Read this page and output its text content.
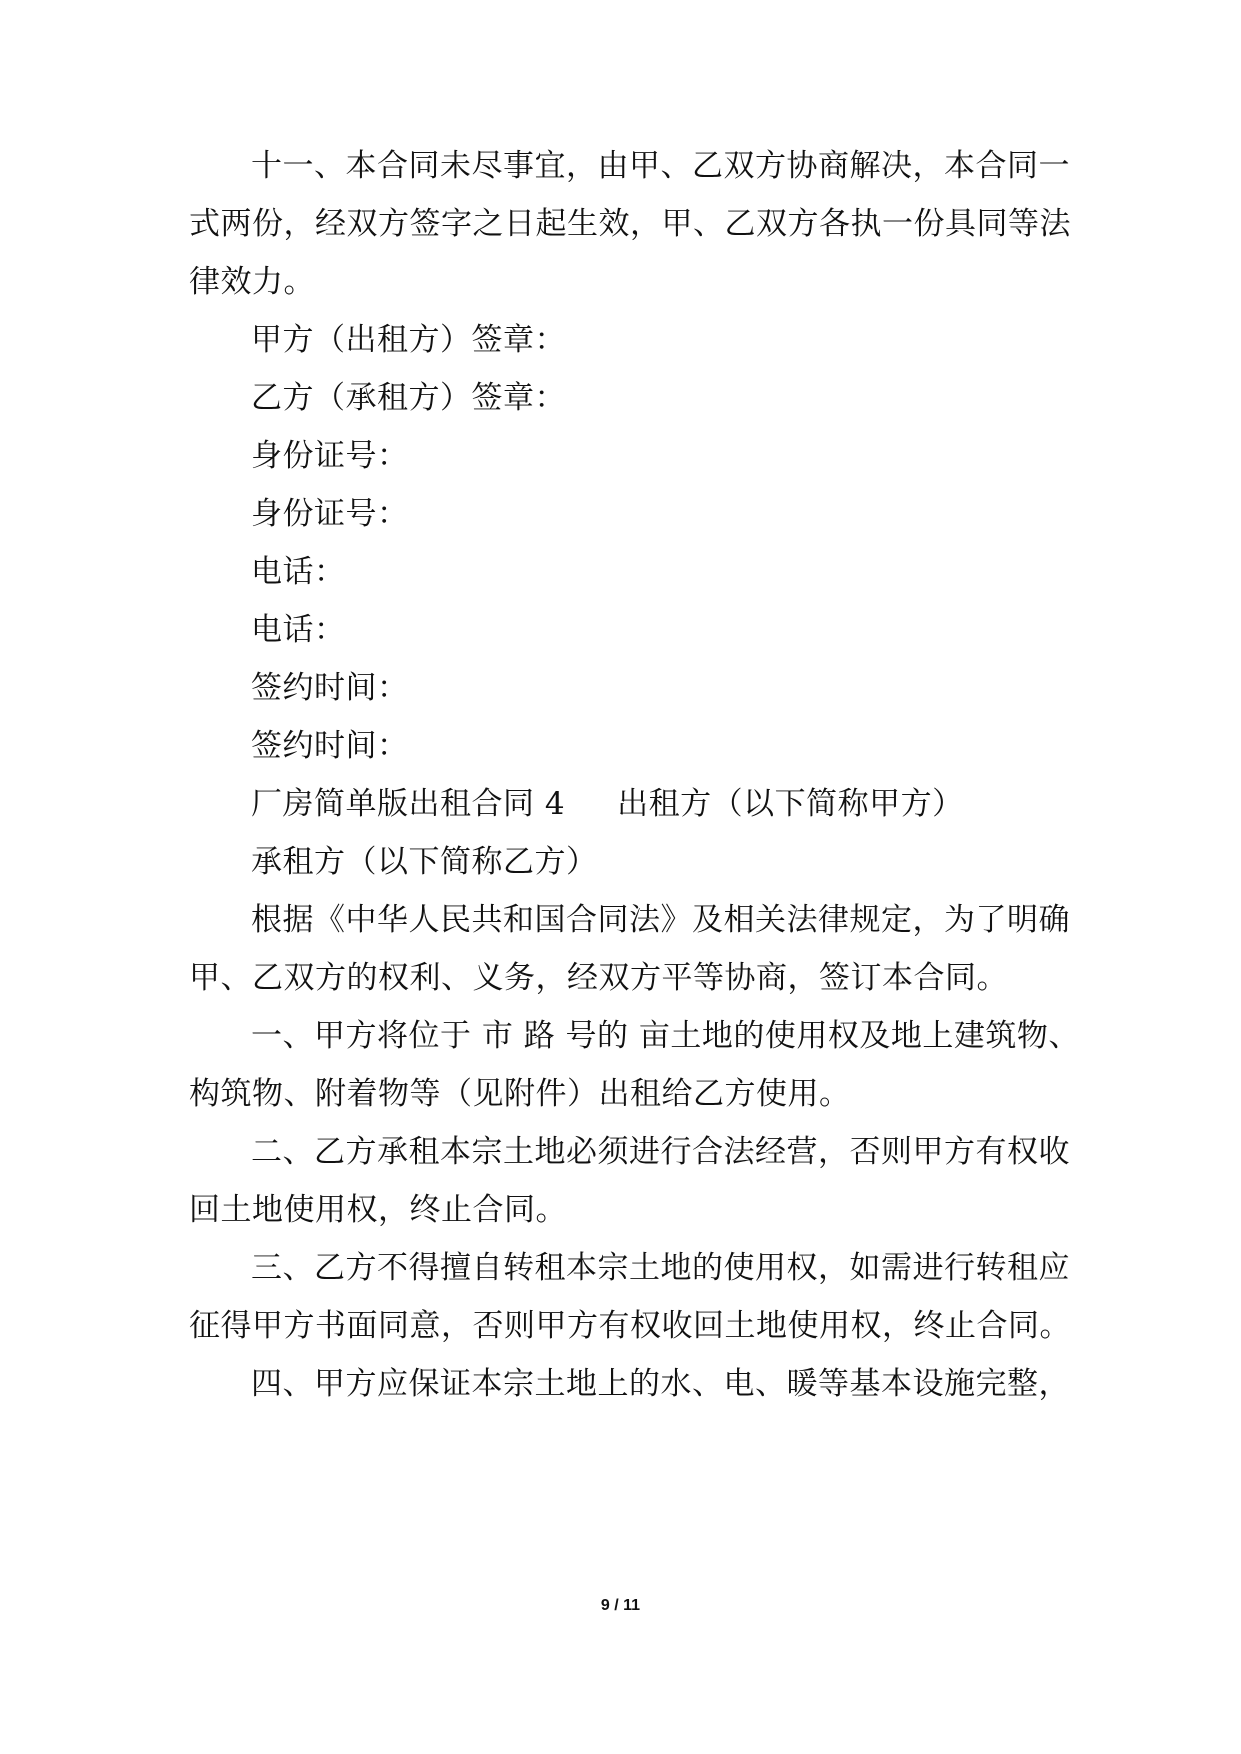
十一、本合同未尽事宜，由甲、乙双方协商解决，本合同一
式两份，经双方签字之日起生效，甲、乙双方各执一份具同等法
律效力。
甲方（出租方）签章：
乙方（承租方）签章：
身份证号：
身份证号：
电话：
电话：
签约时间：
签约时间：
厂房简单版出租合同 4 出租方（以下简称甲方）
承租方（以下简称乙方）
根据《中华人民共和国合同法》及相关法律规定，为了明确
甲、乙双方的权利、义务，经双方平等协商，签订本合同。
一、甲方将位于 市 路 号的 亩土地的使用权及地上建筑物、
构筑物、附着物等（见附件）出租给乙方使用。
二、乙方承租本宗土地必须进行合法经营，否则甲方有权收
回土地使用权，终止合同。
三、乙方不得擅自转租本宗土地的使用权，如需进行转租应
征得甲方书面同意，否则甲方有权收回土地使用权，终止合同。
四、甲方应保证本宗土地上的水、电、暖等基本设施完整，
9 / 11
